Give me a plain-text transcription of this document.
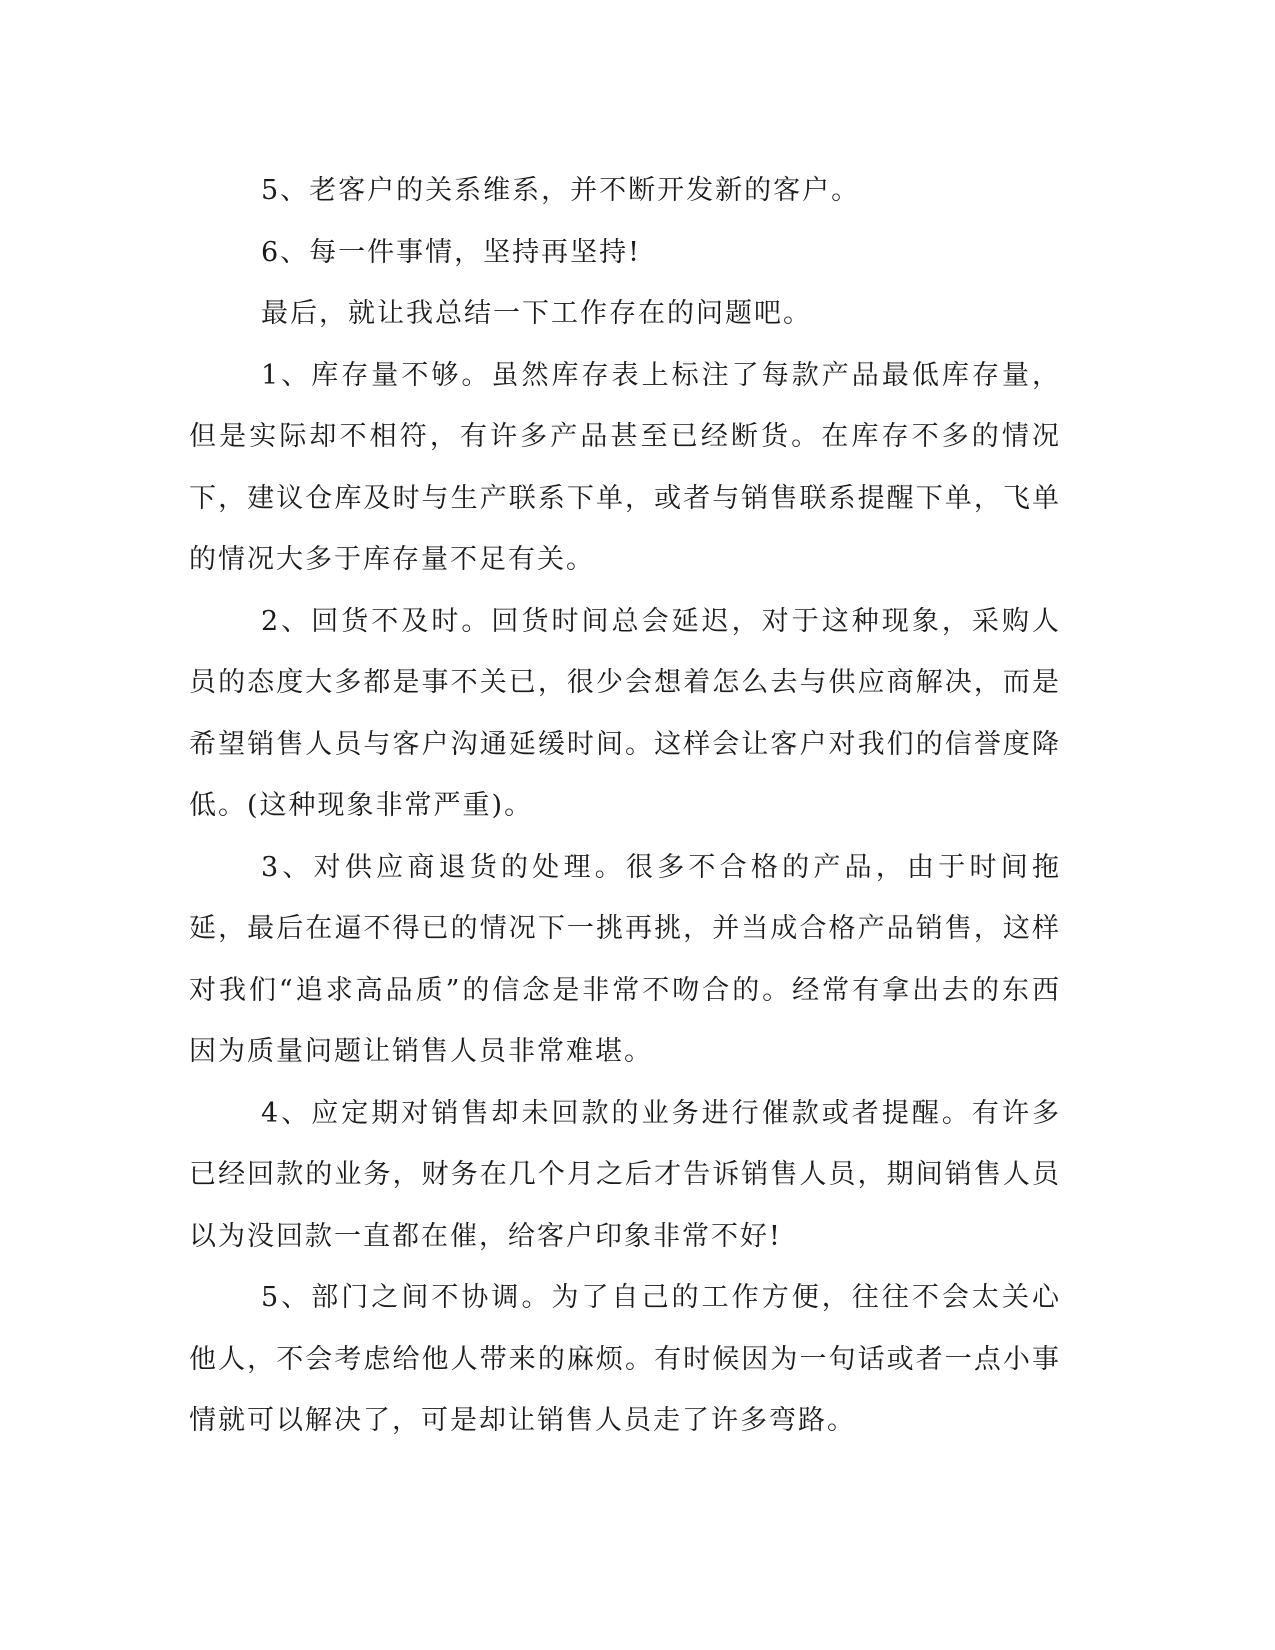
5、老客户的关系维系，并不断开发新的客户。

6、每一件事情，坚持再坚持!

最后，就让我总结一下工作存在的问题吧。

1、库存量不够。虽然库存表上标注了每款产品最低库存量，但是实际却不相符，有许多产品甚至已经断货。在库存不多的情况下，建议仓库及时与生产联系下单，或者与销售联系提醒下单，飞单的情况大多于库存量不足有关。

2、回货不及时。回货时间总会延迟，对于这种现象，采购人员的态度大多都是事不关已，很少会想着怎么去与供应商解决，而是希望销售人员与客户沟通延缓时间。这样会让客户对我们的信誉度降低。(这种现象非常严重)。

3、对供应商退货的处理。很多不合格的产品，由于时间拖延，最后在逼不得已的情况下一挑再挑，并当成合格产品销售，这样对我们“追求高品质”的信念是非常不吻合的。经常有拿出去的东西因为质量问题让销售人员非常难堪。

4、应定期对销售却未回款的业务进行催款或者提醒。有许多已经回款的业务，财务在几个月之后才告诉销售人员，期间销售人员以为没回款一直都在催，给客户印象非常不好!

5、部门之间不协调。为了自己的工作方便，往往不会太关心他人，不会考虑给他人带来的麻烦。有时候因为一句话或者一点小事情就可以解决了，可是却让销售人员走了许多弯路。
